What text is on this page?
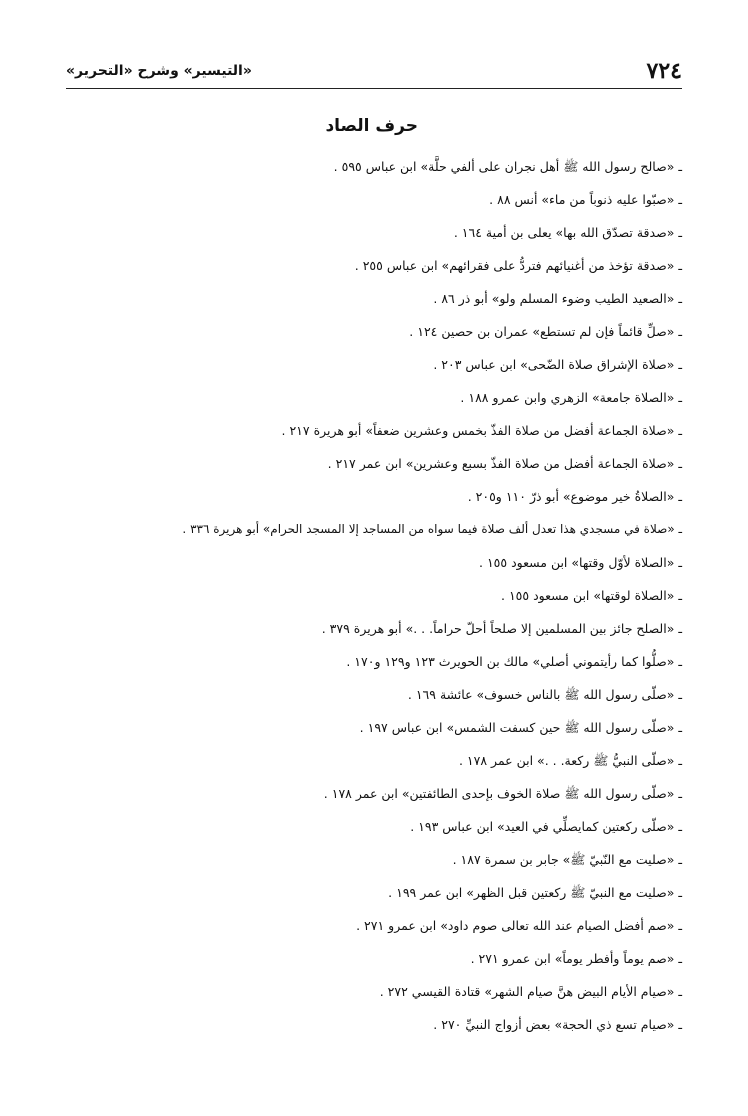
٧٢٤
«التيسير» وشرح «التحرير»
حرف الصاد
ـ «صالح رسول الله ﷺ أهل نجران على ألفي حلَّة» ابن عباس ٥٩٥ .
ـ «صبّوا عليه ذنوباً من ماء» أنس ٨٨ .
ـ «صدقة تصدّق الله بها» يعلى بن أمية ١٦٤ .
ـ «صدقة تؤخذ من أغنيائهم فتردُّ على فقرائهم» ابن عباس ٢٥٥ .
ـ «الصعيد الطيب وضوء المسلم ولو» أبو ذر ٨٦ .
ـ «صلِّ قائماً فإن لم تستطع» عمران بن حصين ١٢٤ .
ـ «صلاة الإشراق صلاة الضّحى» ابن عباس ٢٠٣ .
ـ «الصلاة جامعة» الزهري وابن عمرو ١٨٨ .
ـ «صلاة الجماعة أفضل من صلاة الفذّ بخمس وعشرين ضعفاً» أبو هريرة ٢١٧ .
ـ «صلاة الجماعة أفضل من صلاة الفذّ بسبع وعشرين» ابن عمر ٢١٧ .
ـ «الصلاةُ خير موضوع» أبو ذرّ ١١٠ و٢٠٥ .
ـ «صلاة في مسجدي هذا تعدل ألف صلاة فيما سواه من المساجد إلا المسجد الحرام» أبو هريرة ٣٣٦ .
ـ «الصلاة لأوّل وقتها» ابن مسعود ١٥٥ .
ـ «الصلاة لوقتها» ابن مسعود ١٥٥ .
ـ «الصلح جائز بين المسلمين إلا صلحاً أحلّ حراماً. . .» أبو هريرة ٣٧٩ .
ـ «صلُّوا كما رأيتموني أصلي» مالك بن الحويرث ١٢٣ و١٢٩ و١٧٠ .
ـ «صلّى رسول الله ﷺ بالناس خسوف» عائشة ١٦٩ .
ـ «صلّى رسول الله ﷺ حين كسفت الشمس» ابن عباس ١٩٧ .
ـ «صلّى النبيُّ ﷺ ركعة. . .» ابن عمر ١٧٨ .
ـ «صلّى رسول الله ﷺ صلاة الخوف بإحدى الطائفتين» ابن عمر ١٧٨ .
ـ «صلّى ركعتين كمايصلِّي في العيد» ابن عباس ١٩٣ .
ـ «صليت مع النّبيّ ﷺ» جابر بن سمرة ١٨٧ .
ـ «صليت مع النبيّ ﷺ ركعتين قبل الظهر» ابن عمر ١٩٩ .
ـ «صم أفضل الصيام عند الله تعالى صوم داود» ابن عمرو ٢٧١ .
ـ «صم يوماً وأفطر يوماً» ابن عمرو ٢٧١ .
ـ «صيام الأيام البيض هنَّ صيام الشهر» قتادة القيسي ٢٧٢ .
ـ «صيام تسع ذي الحجة» بعض أزواج النبيِّ ٢٧٠ .
